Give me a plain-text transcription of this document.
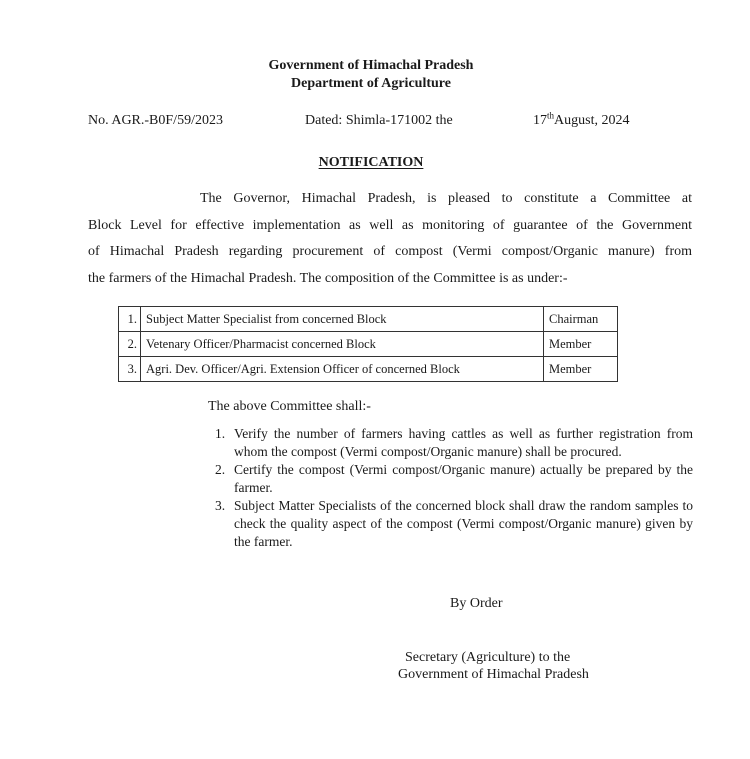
Government of Himachal Pradesh
Department of Agriculture
No. AGR.-B0F/59/2023	Dated: Shimla-171002 the	17thAugust, 2024
NOTIFICATION
The Governor, Himachal Pradesh, is pleased to constitute a Committee at
Block Level for effective implementation as well as monitoring of guarantee of the Government
of Himachal Pradesh regarding procurement of compost (Vermi compost/Organic manure) from
the farmers of the Himachal Pradesh. The composition of the Committee is as under:-
1.	Subject Matter Specialist from concerned Block	Chairman
2.	Vetenary Officer/Pharmacist concerned Block	Member
3.	Agri. Dev. Officer/Agri. Extension Officer of concerned Block	Member
The above Committee shall:-
1. Verify the number of farmers having cattles as well as further registration from whom the compost (Vermi compost/Organic manure) shall be procured.
2. Certify the compost (Vermi compost/Organic manure) actually be prepared by the farmer.
3. Subject Matter Specialists of the concerned block shall draw the random samples to check the quality aspect of the compost (Vermi compost/Organic manure) given by the farmer.
By Order
Secretary (Agriculture) to the
Government of Himachal Pradesh
